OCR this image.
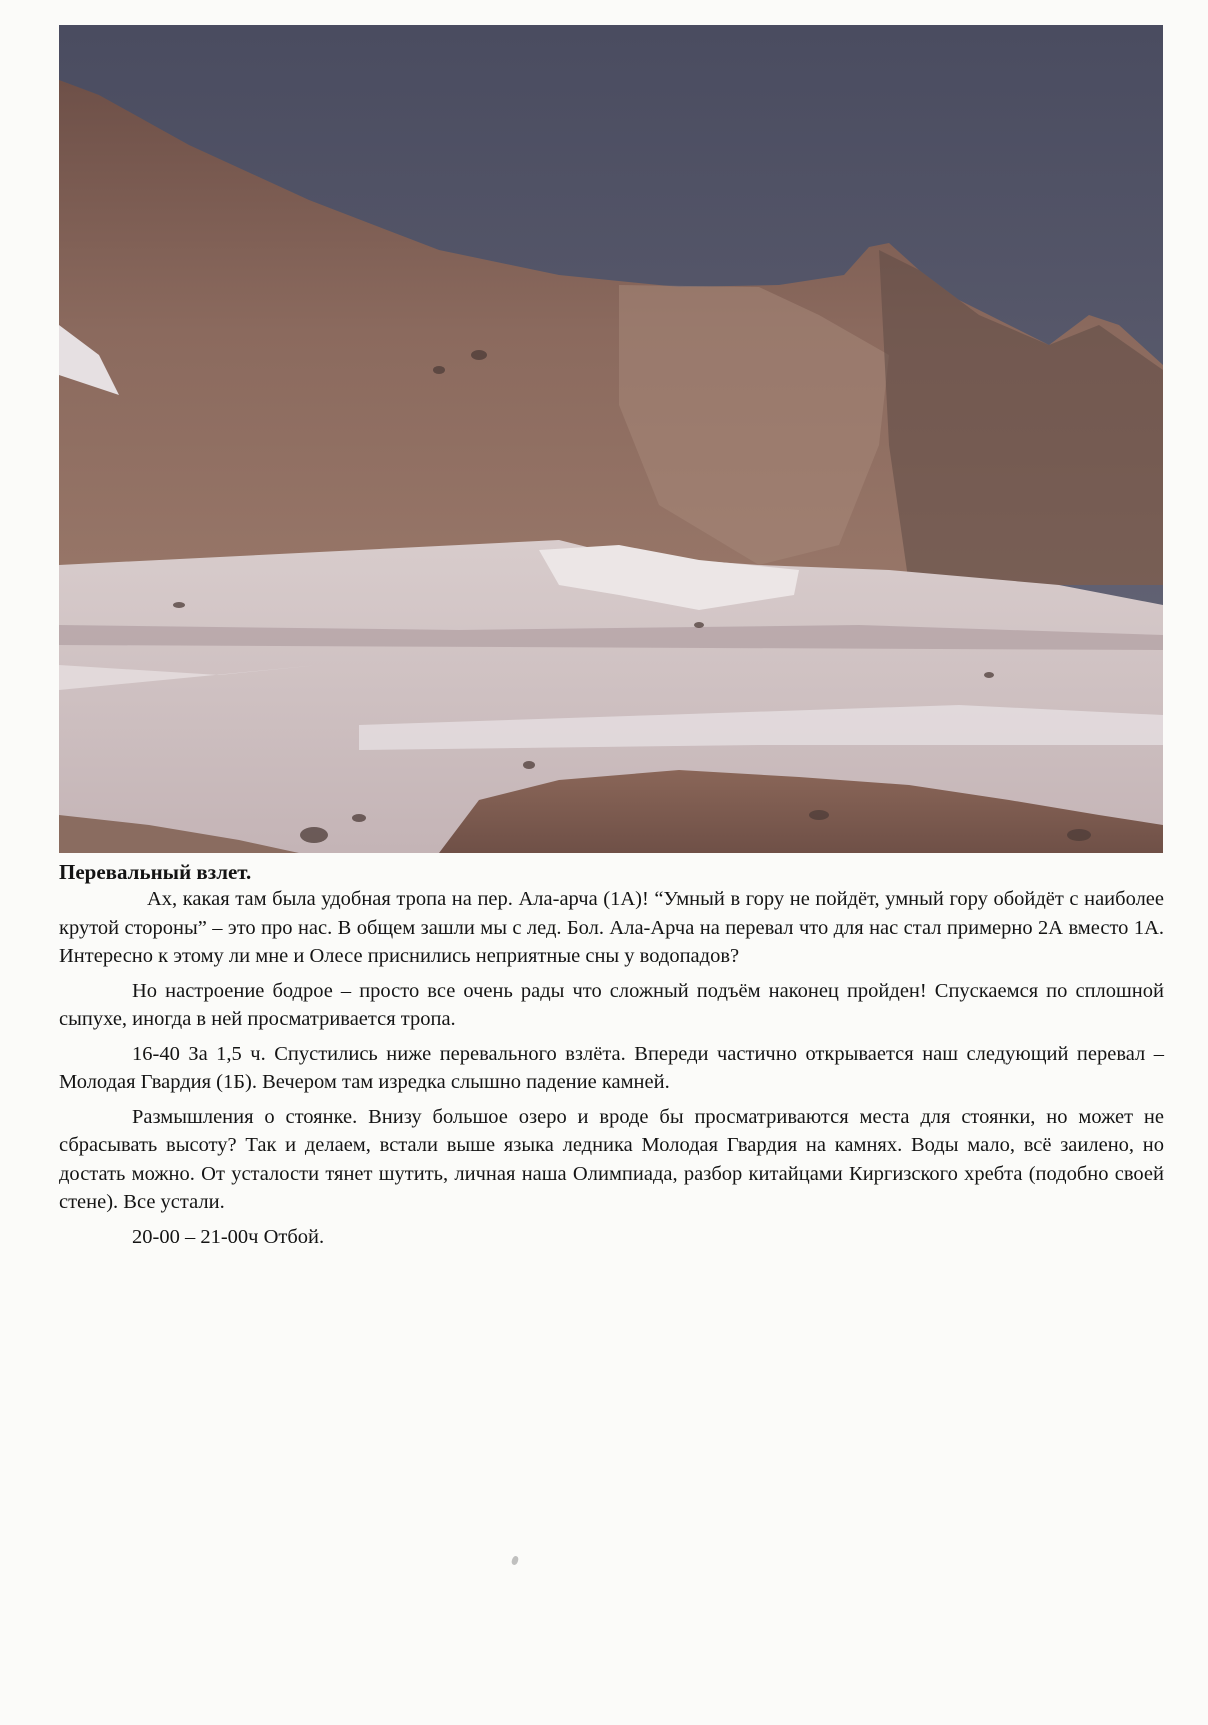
Перевальный взлет.

Ах, какая там была удобная тропа на пер. Ала-арча (1А)! “Умный в гору не пойдёт, умный гору обойдёт с наиболее крутой стороны” – это про нас. В общем зашли мы с лед. Бол. Ала-Арча на перевал что для нас стал примерно 2А вместо 1А. Интересно к этому ли мне и Олесе приснились неприятные сны у водопадов?

Но настроение бодрое – просто все очень рады что сложный подъём наконец пройден! Спускаемся по сплошной сыпухе, иногда в ней просматривается тропа.

16-40 За 1,5 ч. Спустились ниже перевального взлёта. Впереди частично открывается наш следующий перевал – Молодая Гвардия (1Б). Вечером там изредка слышно падение камней.

Размышления о стоянке. Внизу большое озеро и вроде бы просматриваются места для стоянки, но может не сбрасывать высоту? Так и делаем, встали выше языка ледника Молодая Гвардия на камнях. Воды мало, всё заилено, но достать можно. От усталости тянет шутить, личная наша Олимпиада, разбор китайцами Киргизского хребта (подобно своей стене). Все устали.

20-00 – 21-00ч Отбой.
